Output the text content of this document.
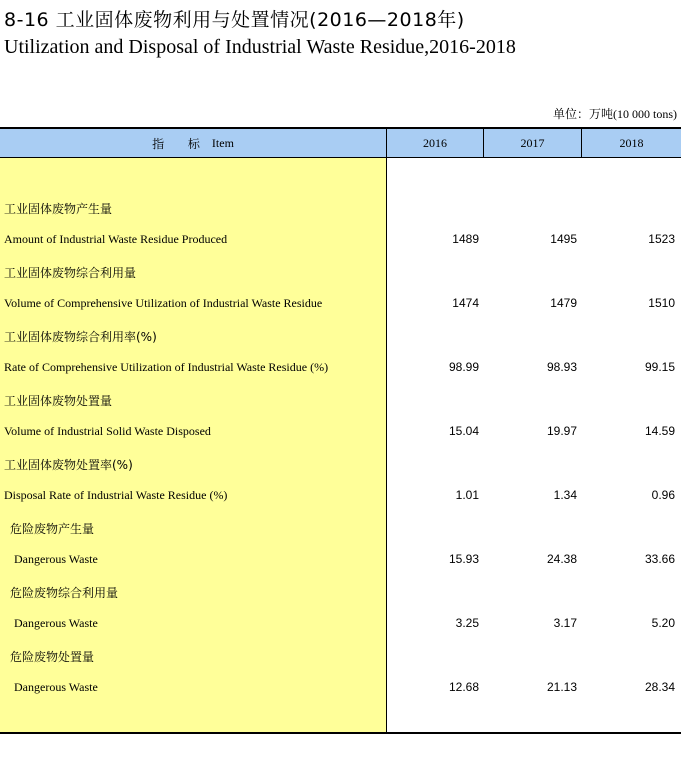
8-16 工业固体废物利用与处置情况(2016—2018年)
Utilization and Disposal of Industrial Waste Residue,2016-2018
单位：万吨(10 000 tons)
指 标 Item	2016	2017	2018
工业固体废物产生量
Amount of Industrial Waste Residue Produced	1489	1495	1523
工业固体废物综合利用量
Volume of Comprehensive Utilization of Industrial Waste Residue	1474	1479	1510
工业固体废物综合利用率(%)
Rate of Comprehensive Utilization of Industrial Waste Residue (%)	98.99	98.93	99.15
工业固体废物处置量
Volume of Industrial Solid Waste Disposed	15.04	19.97	14.59
工业固体废物处置率(%)
Disposal Rate of Industrial Waste Residue (%)	1.01	1.34	0.96
危险废物产生量
Dangerous Waste	15.93	24.38	33.66
危险废物综合利用量
Dangerous Waste	3.25	3.17	5.20
危险废物处置量
Dangerous Waste	12.68	21.13	28.34
